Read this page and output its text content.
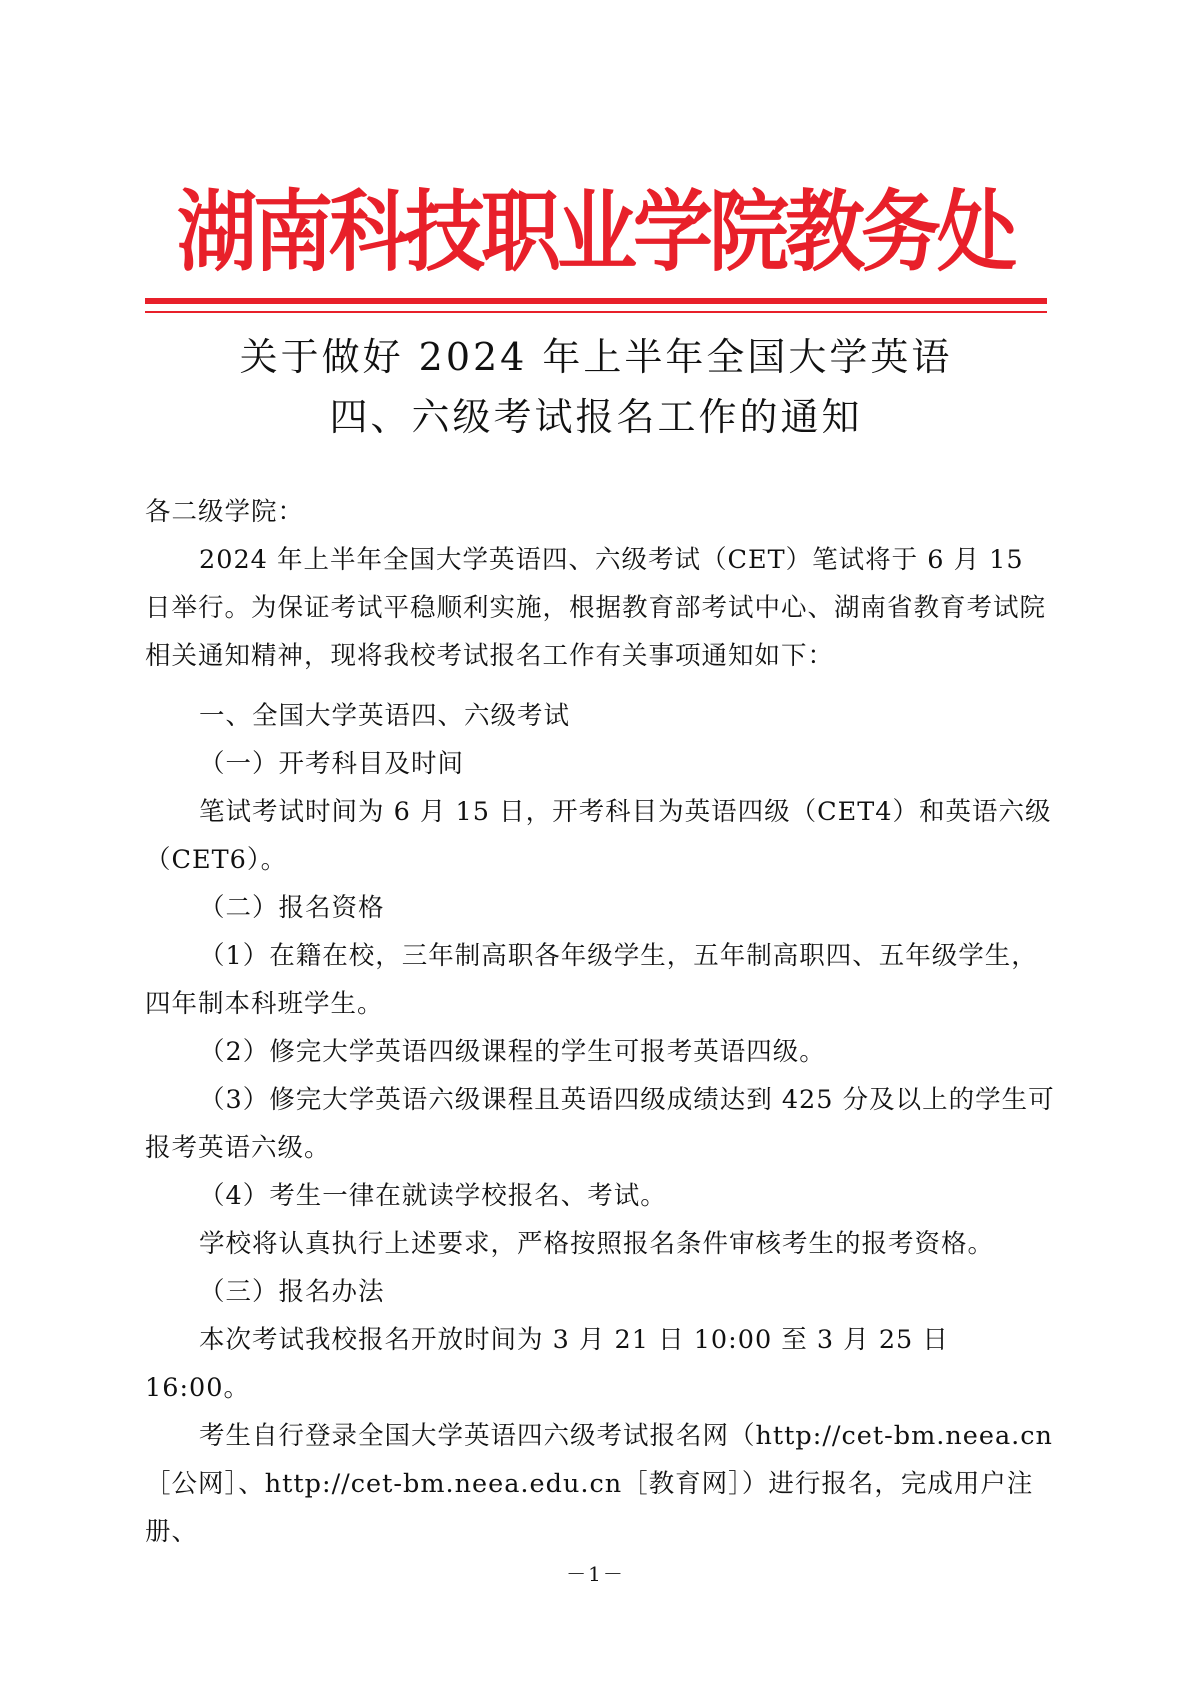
湖南科技职业学院教务处
关于做好 2024 年上半年全国大学英语
四、六级考试报名工作的通知

各二级学院：

2024 年上半年全国大学英语四、六级考试（CET）笔试将于 6 月 15 日举行。为保证考试平稳顺利实施，根据教育部考试中心、湖南省教育考试院相关通知精神，现将我校考试报名工作有关事项通知如下：

一、全国大学英语四、六级考试

（一）开考科目及时间

笔试考试时间为 6 月 15 日，开考科目为英语四级（CET4）和英语六级（CET6）。

（二）报名资格

（1）在籍在校，三年制高职各年级学生，五年制高职四、五年级学生，四年制本科班学生。

（2）修完大学英语四级课程的学生可报考英语四级。

（3）修完大学英语六级课程且英语四级成绩达到 425 分及以上的学生可报考英语六级。

（4）考生一律在就读学校报名、考试。

学校将认真执行上述要求，严格按照报名条件审核考生的报考资格。

（三）报名办法

本次考试我校报名开放时间为 3 月 21 日 10:00 至 3 月 25 日 16:00。

考生自行登录全国大学英语四六级考试报名网（http://cet-bm.neea.cn［公网］、http://cet-bm.neea.edu.cn［教育网］）进行报名，完成用户注册、

－1－
